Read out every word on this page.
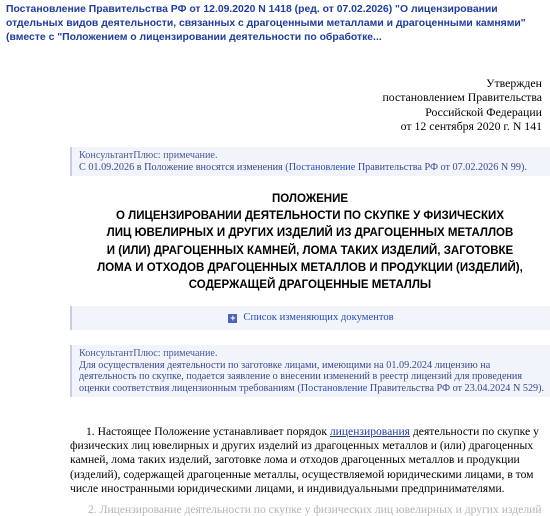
Постановление Правительства РФ от 12.09.2020 N 1418 (ред. от 07.02.2026) "О лицензировании отдельных видов деятельности, связанных с драгоценными металлами и драгоценными камнями" (вместе с "Положением о лицензировании деятельности по обработке...
Утвержден
постановлением Правительства
Российской Федерации
от 12 сентября 2020 г. N 141
КонсультантПлюс: примечание.
С 01.09.2026 в Положение вносятся изменения (Постановление Правительства РФ от 07.02.2026 N 99).
ПОЛОЖЕНИЕ
О ЛИЦЕНЗИРОВАНИИ ДЕЯТЕЛЬНОСТИ ПО СКУПКЕ У ФИЗИЧЕСКИХ
ЛИЦ ЮВЕЛИРНЫХ И ДРУГИХ ИЗДЕЛИЙ ИЗ ДРАГОЦЕННЫХ МЕТАЛЛОВ
И (ИЛИ) ДРАГОЦЕННЫХ КАМНЕЙ, ЛОМА ТАКИХ ИЗДЕЛИЙ, ЗАГОТОВКЕ
ЛОМА И ОТХОДОВ ДРАГОЦЕННЫХ МЕТАЛЛОВ И ПРОДУКЦИИ (ИЗДЕЛИЙ),
СОДЕРЖАЩЕЙ ДРАГОЦЕННЫЕ МЕТАЛЛЫ
+ Список изменяющих документов
КонсультантПлюс: примечание.
Для осуществления деятельности по заготовке лицами, имеющими на 01.09.2024 лицензию на деятельность по скупке, подается заявление о внесении изменений в реестр лицензий для проведения оценки соответствия лицензионным требованиям (Постановление Правительства РФ от 23.04.2024 N 529).
1. Настоящее Положение устанавливает порядок лицензирования деятельности по скупке у физических лиц ювелирных и других изделий из драгоценных металлов и (или) драгоценных камней, лома таких изделий, заготовке лома и отходов драгоценных металлов и продукции (изделий), содержащей драгоценные металлы, осуществляемой юридическими лицами, в том числе иностранными юридическими лицами, и индивидуальными предпринимателями.
2. Лицензирование деятельности по скупке у физических лиц ювелирных и других изделий
